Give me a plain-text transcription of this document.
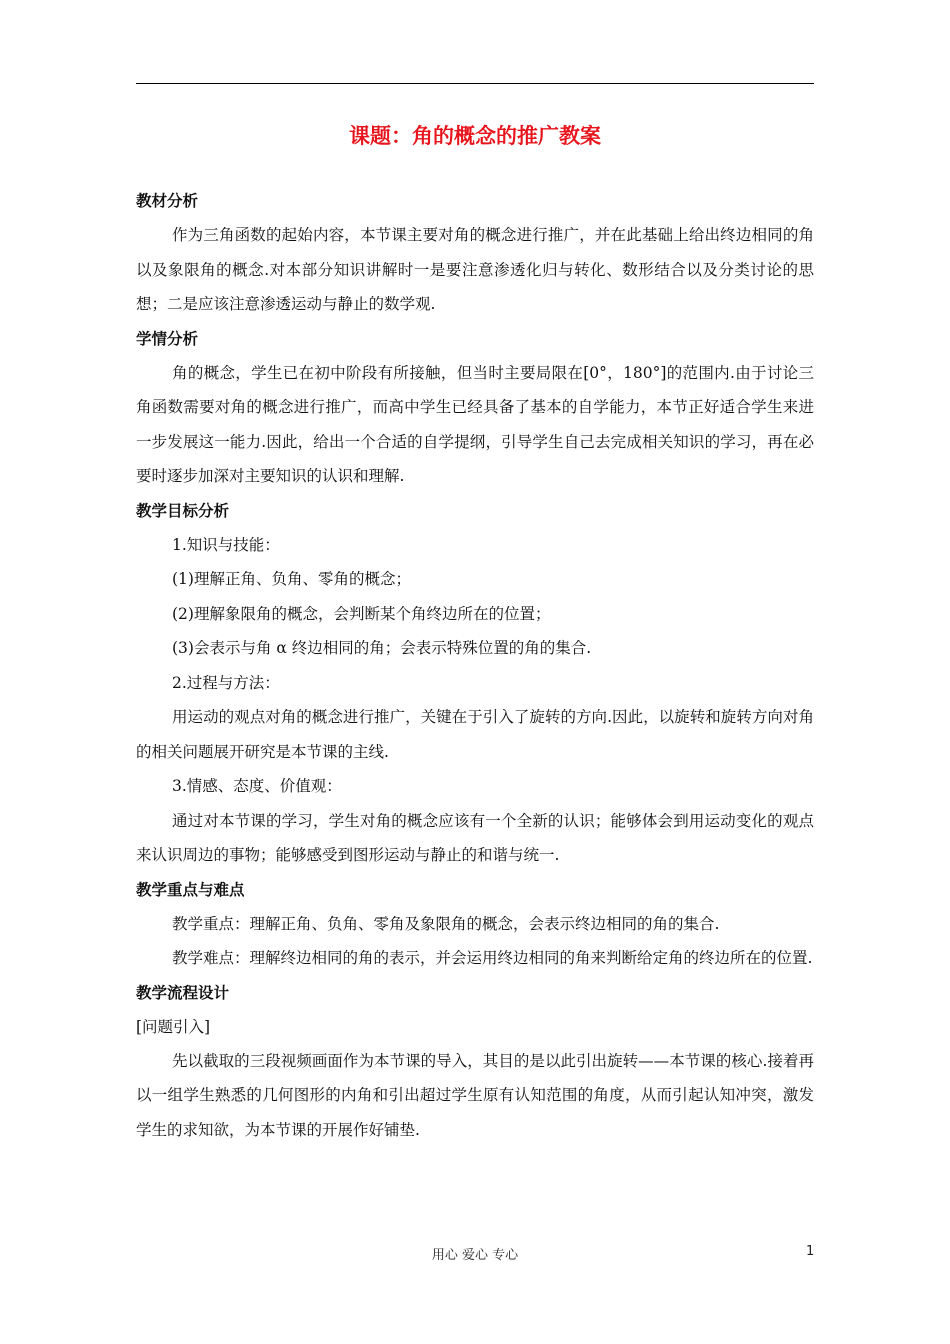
课题：角的概念的推广教案
教材分析

作为三角函数的起始内容，本节课主要对角的概念进行推广，并在此基础上给出终边相同的角以及象限角的概念.对本部分知识讲解时一是要注意渗透化归与转化、数形结合以及分类讨论的思想；二是应该注意渗透运动与静止的数学观.

学情分析

角的概念，学生已在初中阶段有所接触，但当时主要局限在[0°，180°]的范围内.由于讨论三角函数需要对角的概念进行推广，而高中学生已经具备了基本的自学能力，本节正好适合学生来进一步发展这一能力.因此，给出一个合适的自学提纲，引导学生自己去完成相关知识的学习，再在必要时逐步加深对主要知识的认识和理解.

教学目标分析

1.知识与技能：

(1)理解正角、负角、零角的概念；

(2)理解象限角的概念，会判断某个角终边所在的位置；

(3)会表示与角 α 终边相同的角；会表示特殊位置的角的集合.

2.过程与方法：

用运动的观点对角的概念进行推广，关键在于引入了旋转的方向.因此，以旋转和旋转方向对角的相关问题展开研究是本节课的主线.

3.情感、态度、价值观：

通过对本节课的学习，学生对角的概念应该有一个全新的认识；能够体会到用运动变化的观点来认识周边的事物；能够感受到图形运动与静止的和谐与统一.

教学重点与难点

教学重点：理解正角、负角、零角及象限角的概念，会表示终边相同的角的集合.

教学难点：理解终边相同的角的表示，并会运用终边相同的角来判断给定角的终边所在的位置.

教学流程设计
[问题引入]

先以截取的三段视频画面作为本节课的导入，其目的是以此引出旋转——本节课的核心.接着再以一组学生熟悉的几何图形的内角和引出超过学生原有认知范围的角度，从而引起认知冲突，激发学生的求知欲，为本节课的开展作好铺垫.

用心 爱心 专心	1
